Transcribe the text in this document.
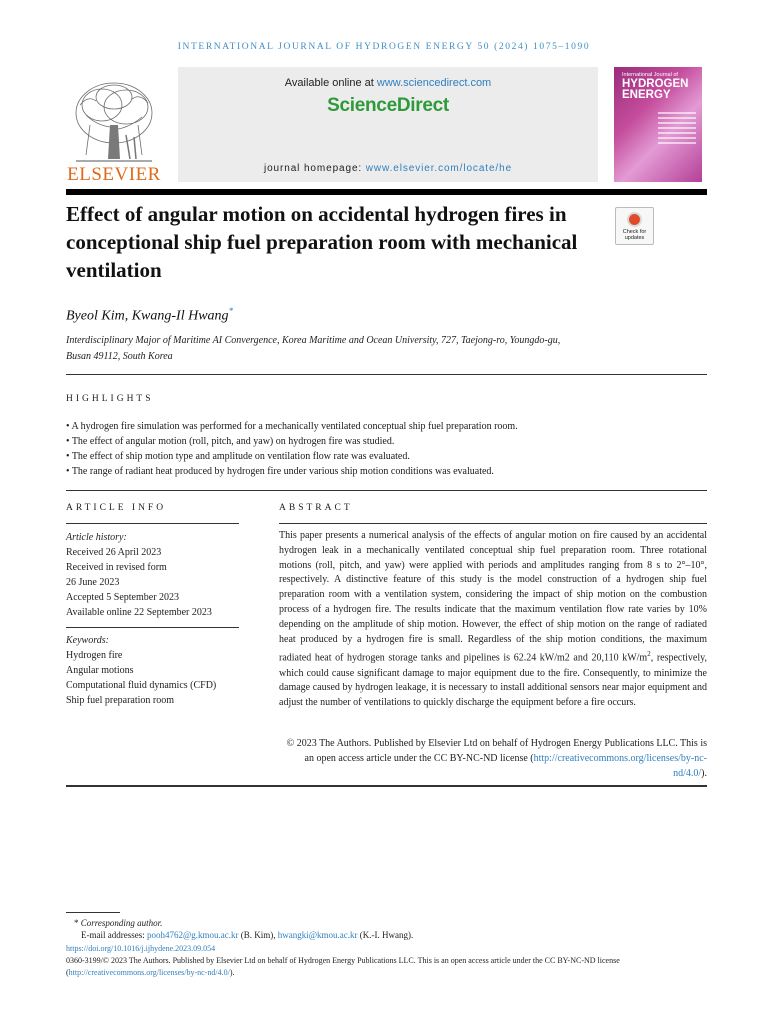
INTERNATIONAL JOURNAL OF HYDROGEN ENERGY 50 (2024) 1075–1090
ELSEVIER
Available online at www.sciencedirect.com
ScienceDirect
journal homepage: www.elsevier.com/locate/he
International Journal of
HYDROGEN
ENERGY
Effect of angular motion on accidental hydrogen fires in conceptional ship fuel preparation room with mechanical ventilation
Check for updates
Byeol Kim, Kwang-Il Hwang*
Interdisciplinary Major of Maritime AI Convergence, Korea Maritime and Ocean University, 727, Taejong-ro, Youngdo-gu, Busan 49112, South Korea
HIGHLIGHTS
• A hydrogen fire simulation was performed for a mechanically ventilated conceptual ship fuel preparation room.
• The effect of angular motion (roll, pitch, and yaw) on hydrogen fire was studied.
• The effect of ship motion type and amplitude on ventilation flow rate was evaluated.
• The range of radiant heat produced by hydrogen fire under various ship motion conditions was evaluated.
ARTICLE INFO
Article history:
Received 26 April 2023
Received in revised form
26 June 2023
Accepted 5 September 2023
Available online 22 September 2023
Keywords:
Hydrogen fire
Angular motions
Computational fluid dynamics (CFD)
Ship fuel preparation room
ABSTRACT
This paper presents a numerical analysis of the effects of angular motion on fire caused by an accidental hydrogen leak in a mechanically ventilated conceptual ship fuel preparation room. Three rotational motions (roll, pitch, and yaw) were applied with periods and amplitudes ranging from 8 s to 2°–10°, respectively. A distinctive feature of this study is the model construction of a hydrogen ship fuel preparation room with a ventilation system, considering the impact of ship motion on the combustion process of a hydrogen fire. The results indicate that the maximum ventilation flow rate varies by 10% depending on the amplitude of ship motion. However, the effect of ship motion on the range of radiated heat produced by a hydrogen fire is small. Regardless of the ship motion conditions, the maximum radiated heat of hydrogen storage tanks and pipelines is 62.24 kW/m2 and 20,110 $kW/m^2$, respectively, which could cause significant damage to major equipment due to the fire. Consequently, to minimize the damage caused by hydrogen leakage, it is necessary to install additional sensors near major equipment and adjust the number of ventilations to quickly discharge the equipment before a fire occurs.
© 2023 The Authors. Published by Elsevier Ltd on behalf of Hydrogen Energy Publications LLC. This is an open access article under the CC BY-NC-ND license (http://creativecommons.org/licenses/by-nc-nd/4.0/).
* Corresponding author.
E-mail addresses: pooh4762@g.kmou.ac.kr (B. Kim), hwangki@kmou.ac.kr (K.-I. Hwang).
https://doi.org/10.1016/j.ijhydene.2023.09.054
0360-3199/© 2023 The Authors. Published by Elsevier Ltd on behalf of Hydrogen Energy Publications LLC. This is an open access article under the CC BY-NC-ND license (http://creativecommons.org/licenses/by-nc-nd/4.0/).
